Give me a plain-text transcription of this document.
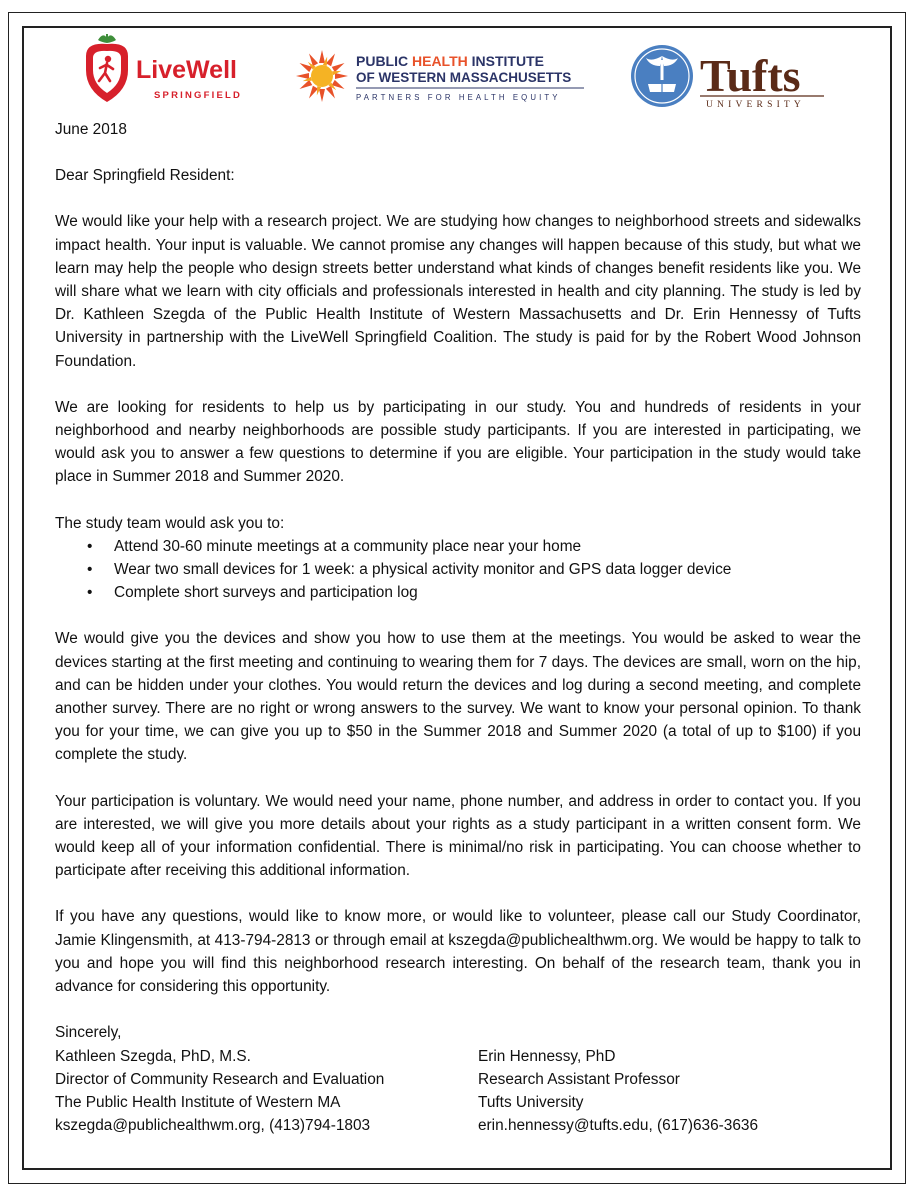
LiveWell
SPRINGFIELD
PUBLIC HEALTH INSTITUTE
OF WESTERN MASSACHUSETTS
PARTNERS FOR HEALTH EQUITY	Tufts
UNIVERSITY

June 2018

Dear Springfield Resident:

We would like your help with a research project. We are studying how changes to neighborhood streets and sidewalks impact health. Your input is valuable. We cannot promise any changes will happen because of this study, but what we learn may help the people who design streets better understand what kinds of changes benefit residents like you. We will share what we learn with city officials and professionals interested in health and city planning. The study is led by Dr. Kathleen Szegda of the Public Health Institute of Western Massachusetts and Dr. Erin Hennessy of Tufts University in partnership with the LiveWell Springfield Coalition. The study is paid for by the Robert Wood Johnson Foundation.

We are looking for residents to help us by participating in our study. You and hundreds of residents in your neighborhood and nearby neighborhoods are possible study participants. If you are interested in participating, we would ask you to answer a few questions to determine if you are eligible. Your participation in the study would take place in Summer 2018 and Summer 2020.

The study team would ask you to:

• Attend 30-60 minute meetings at a community place near your home
• Wear two small devices for 1 week: a physical activity monitor and GPS data logger device
• Complete short surveys and participation log

We would give you the devices and show you how to use them at the meetings. You would be asked to wear the devices starting at the first meeting and continuing to wearing them for 7 days. The devices are small, worn on the hip, and can be hidden under your clothes. You would return the devices and log during a second meeting, and complete another survey. There are no right or wrong answers to the survey. We want to know your personal opinion. To thank you for your time, we can give you up to $50 in the Summer 2018 and Summer 2020 (a total of up to $100) if you complete the study.

Your participation is voluntary. We would need your name, phone number, and address in order to contact you. If you are interested, we will give you more details about your rights as a study participant in a written consent form. We would keep all of your information confidential. There is minimal/no risk in participating. You can choose whether to participate after receiving this additional information.

If you have any questions, would like to know more, or would like to volunteer, please call our Study Coordinator, Jamie Klingensmith, at 413-794-2813 or through email at kszegda@publichealthwm.org. We would be happy to talk to you and hope you will find this neighborhood research interesting. On behalf of the research team, thank you in advance for considering this opportunity.

Sincerely,

Kathleen Szegda, PhD, M.S.
Director of Community Research and Evaluation
The Public Health Institute of Western MA
kszegda@publichealthwm.org, (413)794-1803
Erin Hennessy, PhD
Research Assistant Professor
Tufts University
erin.hennessy@tufts.edu, (617)636-3636
